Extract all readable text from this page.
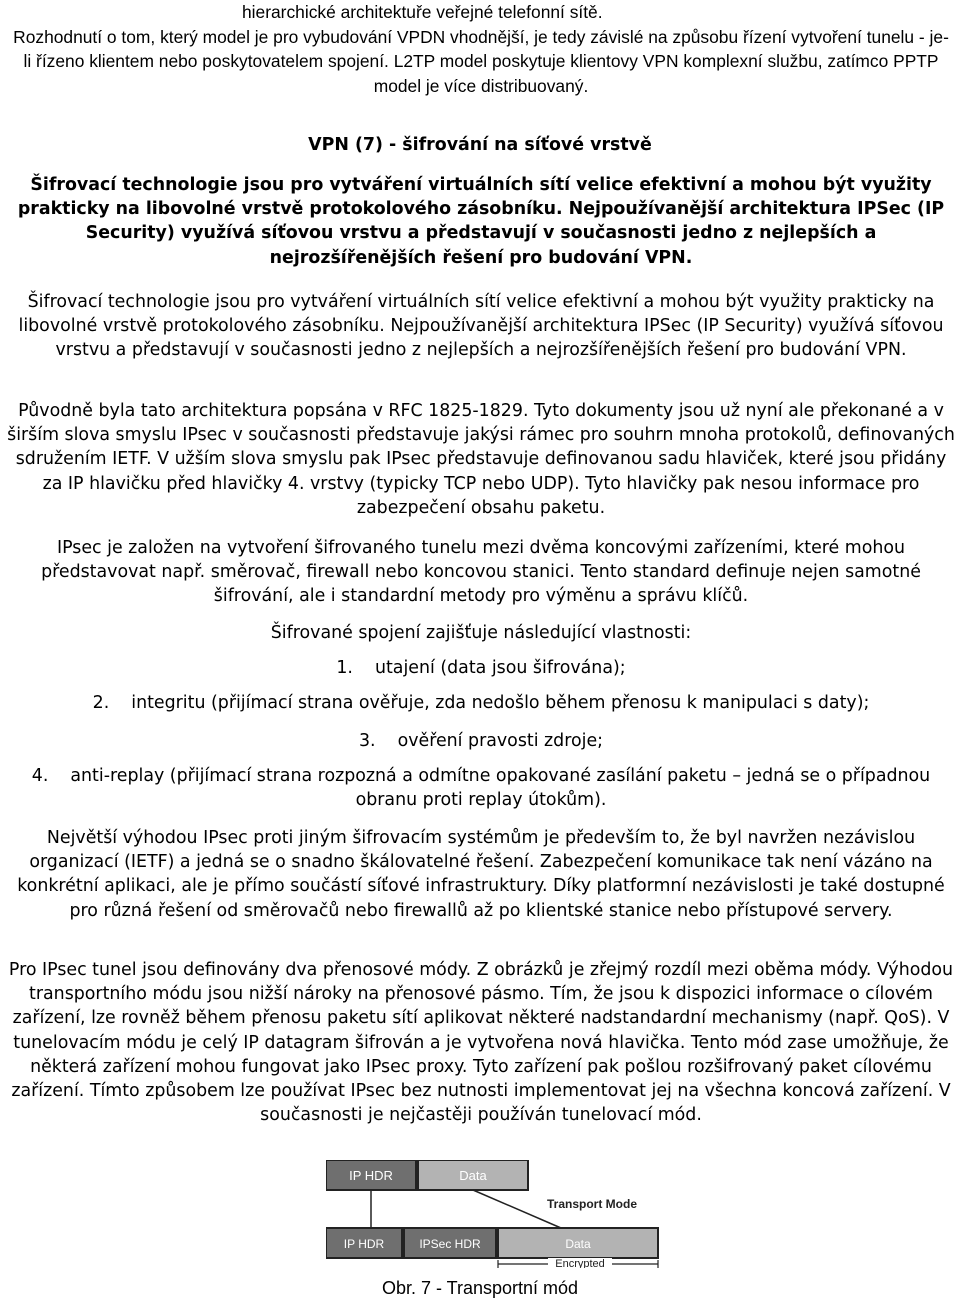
hierarchické architektuře veřejné telefonní sítě.

Rozhodnutí o tom, který model je pro vybudování VPDN vhodnější, je tedy závislé na způsobu řízení vytvoření tunelu - je-li řízeno klientem nebo poskytovatelem spojení. L2TP model poskytuje klientovy VPN komplexní službu, zatímco PPTP model je více distribuovaný.

VPN (7) - šifrování na síťové vrstvě

Šifrovací technologie jsou pro vytváření virtuálních sítí velice efektivní a mohou být využity prakticky na libovolné vrstvě protokolového zásobníku. Nejpoužívanější architektura IPSec (IP Security) využívá síťovou vrstvu a představují v současnosti jedno z nejlepších a nejrozšířenějších řešení pro budování VPN.

Šifrovací technologie jsou pro vytváření virtuálních sítí velice efektivní a mohou být využity prakticky na libovolné vrstvě protokolového zásobníku. Nejpoužívanější architektura IPSec (IP Security) využívá síťovou vrstvu a představují v současnosti jedno z nejlepších a nejrozšířenějších řešení pro budování VPN.

Původně byla tato architektura popsána v RFC 1825-1829. Tyto dokumenty jsou už nyní ale překonané a v širším slova smyslu IPsec v současnosti představuje jakýsi rámec pro souhrn mnoha protokolů, definovaných sdružením IETF. V užším slova smyslu pak IPsec představuje definovanou sadu hlaviček, které jsou přidány za IP hlavičku před hlavičky 4. vrstvy (typicky TCP nebo UDP). Tyto hlavičky pak nesou informace pro zabezpečení obsahu paketu.

IPsec je založen na vytvoření šifrovaného tunelu mezi dvěma koncovými zařízeními, které mohou představovat např. směrovač, firewall nebo koncovou stanici. Tento standard definuje nejen samotné šifrování, ale i standardní metody pro výměnu a správu klíčů.

Šifrované spojení zajišťuje následující vlastnosti:

1. utajení (data jsou šifrována);

2. integritu (přijímací strana ověřuje, zda nedošlo během přenosu k manipulaci s daty);

3. ověření pravosti zdroje;

4. anti-replay (přijímací strana rozpozná a odmítne opakované zasílání paketu – jedná se o případnou obranu proti replay útokům).

Největší výhodou IPsec proti jiným šifrovacím systémům je především to, že byl navržen nezávislou organizací (IETF) a jedná se o snadno škálovatelné řešení. Zabezpečení komunikace tak není vázáno na konkrétní aplikaci, ale je přímo součástí síťové infrastruktury. Díky platformní nezávislosti je také dostupné pro různá řešení od směrovačů nebo firewallů až po klientské stanice nebo přístupové servery.

Pro IPsec tunel jsou definovány dva přenosové módy. Z obrázků je zřejmý rozdíl mezi oběma módy. Výhodou transportního módu jsou nižší nároky na přenosové pásmo. Tím, že jsou k dispozici informace o cílovém zařízení, lze rovněž během přenosu paketu sítí aplikovat některé nadstandardní mechanismy (např. QoS). V tunelovacím módu je celý IP datagram šifrován a je vytvořena nová hlavička. Tento mód zase umožňuje, že některá zařízení mohou fungovat jako IPsec proxy. Tyto zařízení pak pošlou rozšifrovaný paket cílovému zařízení. Tímto způsobem lze používat IPsec bez nutnosti implementovat jej na všechna koncová zařízení. V současnosti je nejčastěji používán tunelovací mód.

IP HDR	Data
Transport Mode
IP HDR	IPSec HDR	Data
Encrypted
Obr. 7 - Transportní mód
